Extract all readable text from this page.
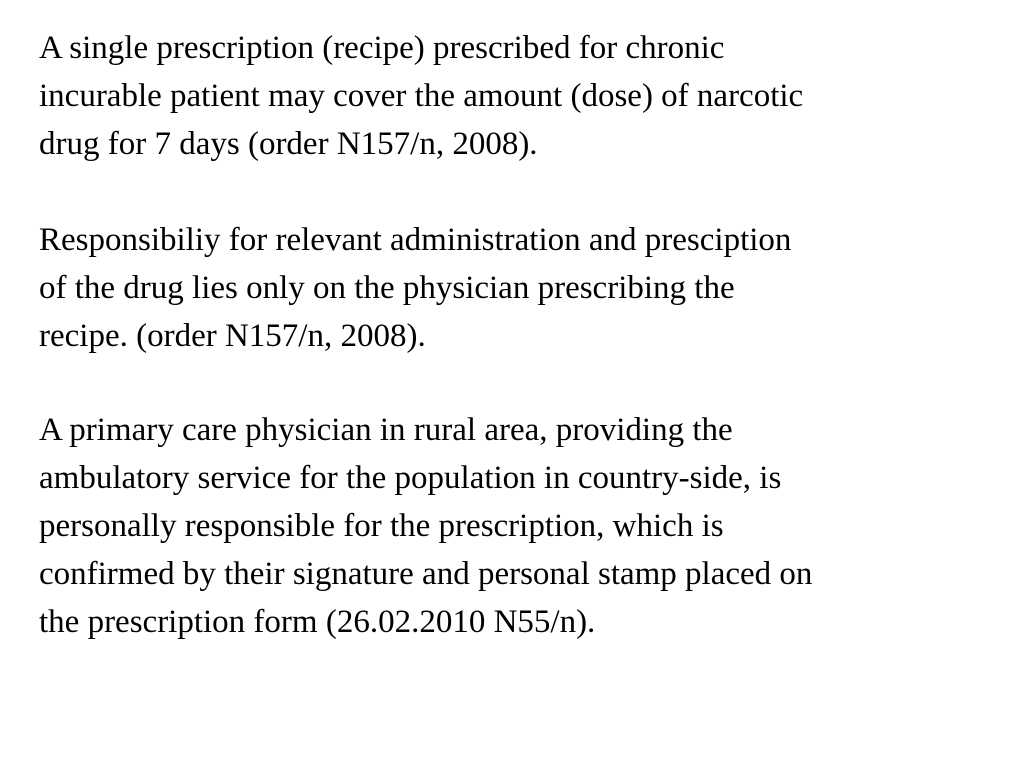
A single prescription (recipe) prescribed for chronic
incurable patient may cover the amount (dose) of narcotic
drug for 7 days (order N157/n, 2008).

Responsibiliy for relevant administration and presciption
of the drug lies only on the physician prescribing the
recipe. (order N157/n, 2008).

A primary care physician in rural area, providing the
ambulatory service for the population in country-side, is
personally responsible for the prescription, which is
confirmed by their signature and personal stamp placed on
the prescription form (26.02.2010 N55/n).
